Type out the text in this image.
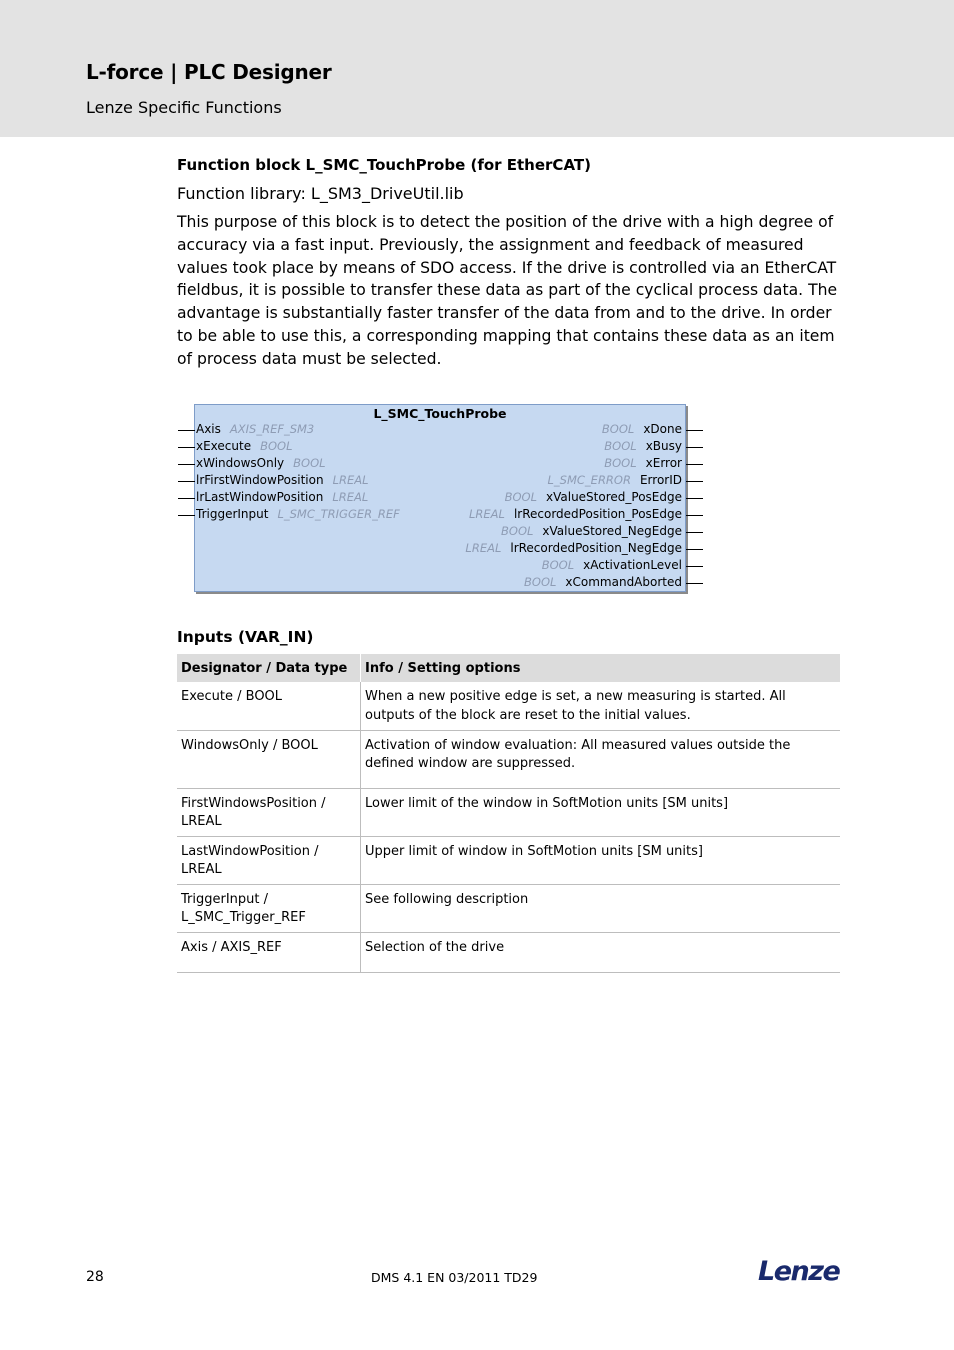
L-force | PLC Designer
Lenze Specific Functions
Function block L_SMC_TouchProbe (for EtherCAT)
Function library: L_SM3_DriveUtil.lib

This purpose of this block is to detect the position of the drive with a high degree of accuracy via a fast input. Previously, the assignment and feedback of measured values took place by means of SDO access. If the drive is controlled via an EtherCAT fieldbus, it is possible to transfer these data as part of the cyclical process data. The advantage is substantially faster transfer of the data from and to the drive. In order to be able to use this, a corresponding mapping that contains these data as an item of process data must be selected.

L_SMC_TouchProbe
Axis AXIS_REF_SM3
xExecute BOOL
xWindowsOnly BOOL
lrFirstWindowPosition LREAL
lrLastWindowPosition LREAL
TriggerInput L_SMC_TRIGGER_REF
BOOL xDone
BOOL xBusy
BOOL xError
L_SMC_ERROR ErrorID
BOOL xValueStored_PosEdge
LREAL lrRecordedPosition_PosEdge
BOOL xValueStored_NegEdge
LREAL lrRecordedPosition_NegEdge
BOOL xActivationLevel
BOOL xCommandAborted
Inputs (VAR_IN)
Designator / Data type	Info / Setting options
Execute / BOOL	When a new positive edge is set, a new measuring is started. All outputs of the block are reset to the initial values.
WindowsOnly / BOOL	Activation of window evaluation: All measured values outside the defined window are suppressed.
FirstWindowsPosition / LREAL	Lower limit of the window in SoftMotion units [SM units]
LastWindowPosition / LREAL	Upper limit of window in SoftMotion units [SM units]
TriggerInput / L_SMC_Trigger_REF	See following description
Axis / AXIS_REF	Selection of the drive
28	DMS 4.1 EN 03/2011 TD29	Lenze
